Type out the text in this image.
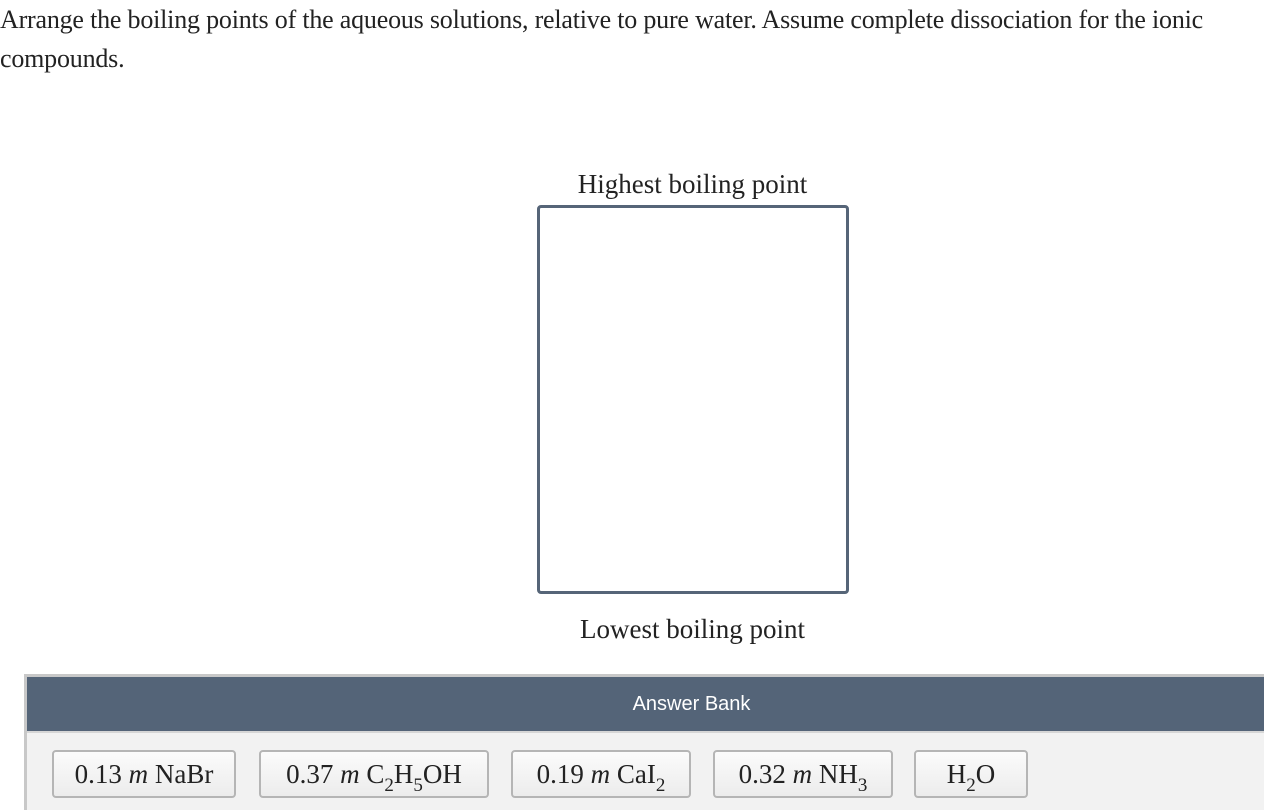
Arrange the boiling points of the aqueous solutions, relative to pure water. Assume complete dissociation for the ionic compounds.
Highest boiling point
Lowest boiling point
Answer Bank
0.13 m NaBr	0.37 m $C_2H_5OH$	0.19 m CaI$_2$	0.32 m $NH_3$	$H_2O$
